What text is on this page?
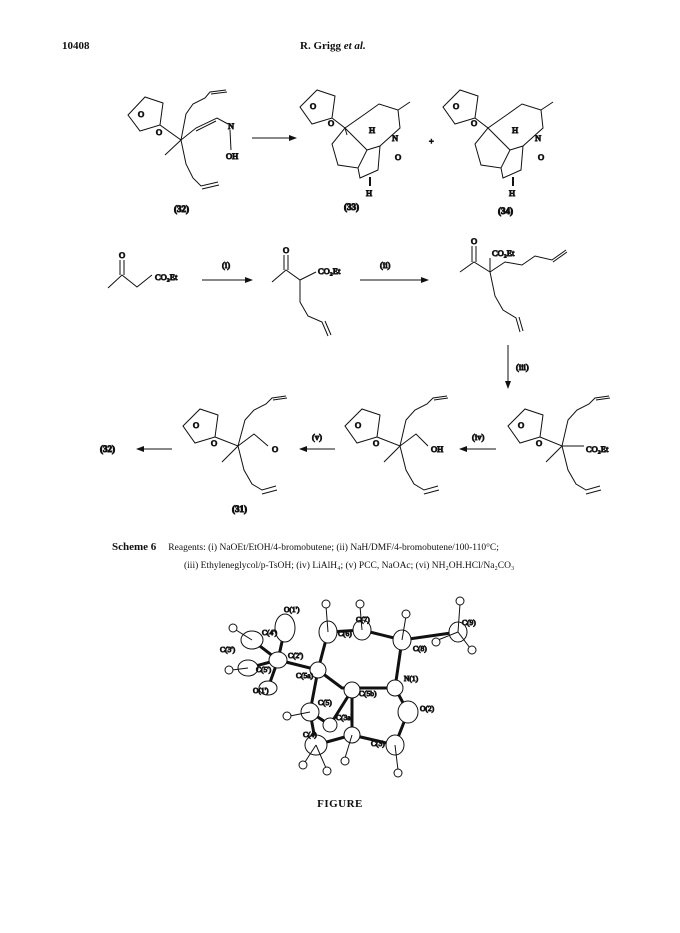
10408	R. Grigg et al.
O
O
N
OH
(32)
O
O
H
N
O
H
(33)
+
O
O
H
N
O
H
(34)
O
CO₂Et
(i)
O
CO₂Et
(ii)
O
CO₂Et
(iii)
(32)
O
O
O
(31)
(v)
O
O
OH
(iv)
O
O
CO₂Et
O(1')
C(2')
C(4')
C(3')
C(5')
O(1')
C(5a)
C(6)
C(7)
C(8)
C(9)
N(1)
C(5b)
C(5)
C(3a)
O(2)
C(3)
C(4)
Scheme 6 Reagents: (i) NaOEt/EtOH/4-bromobutene; (ii) NaH/DMF/4-bromobutene/100-110°C;
(iii) Ethyleneglycol/p-TsOH; (iv) LiAlH₄; (v) PCC, NaOAc; (vi) NH₂OH.HCl/Na₂CO₃
FIGURE
